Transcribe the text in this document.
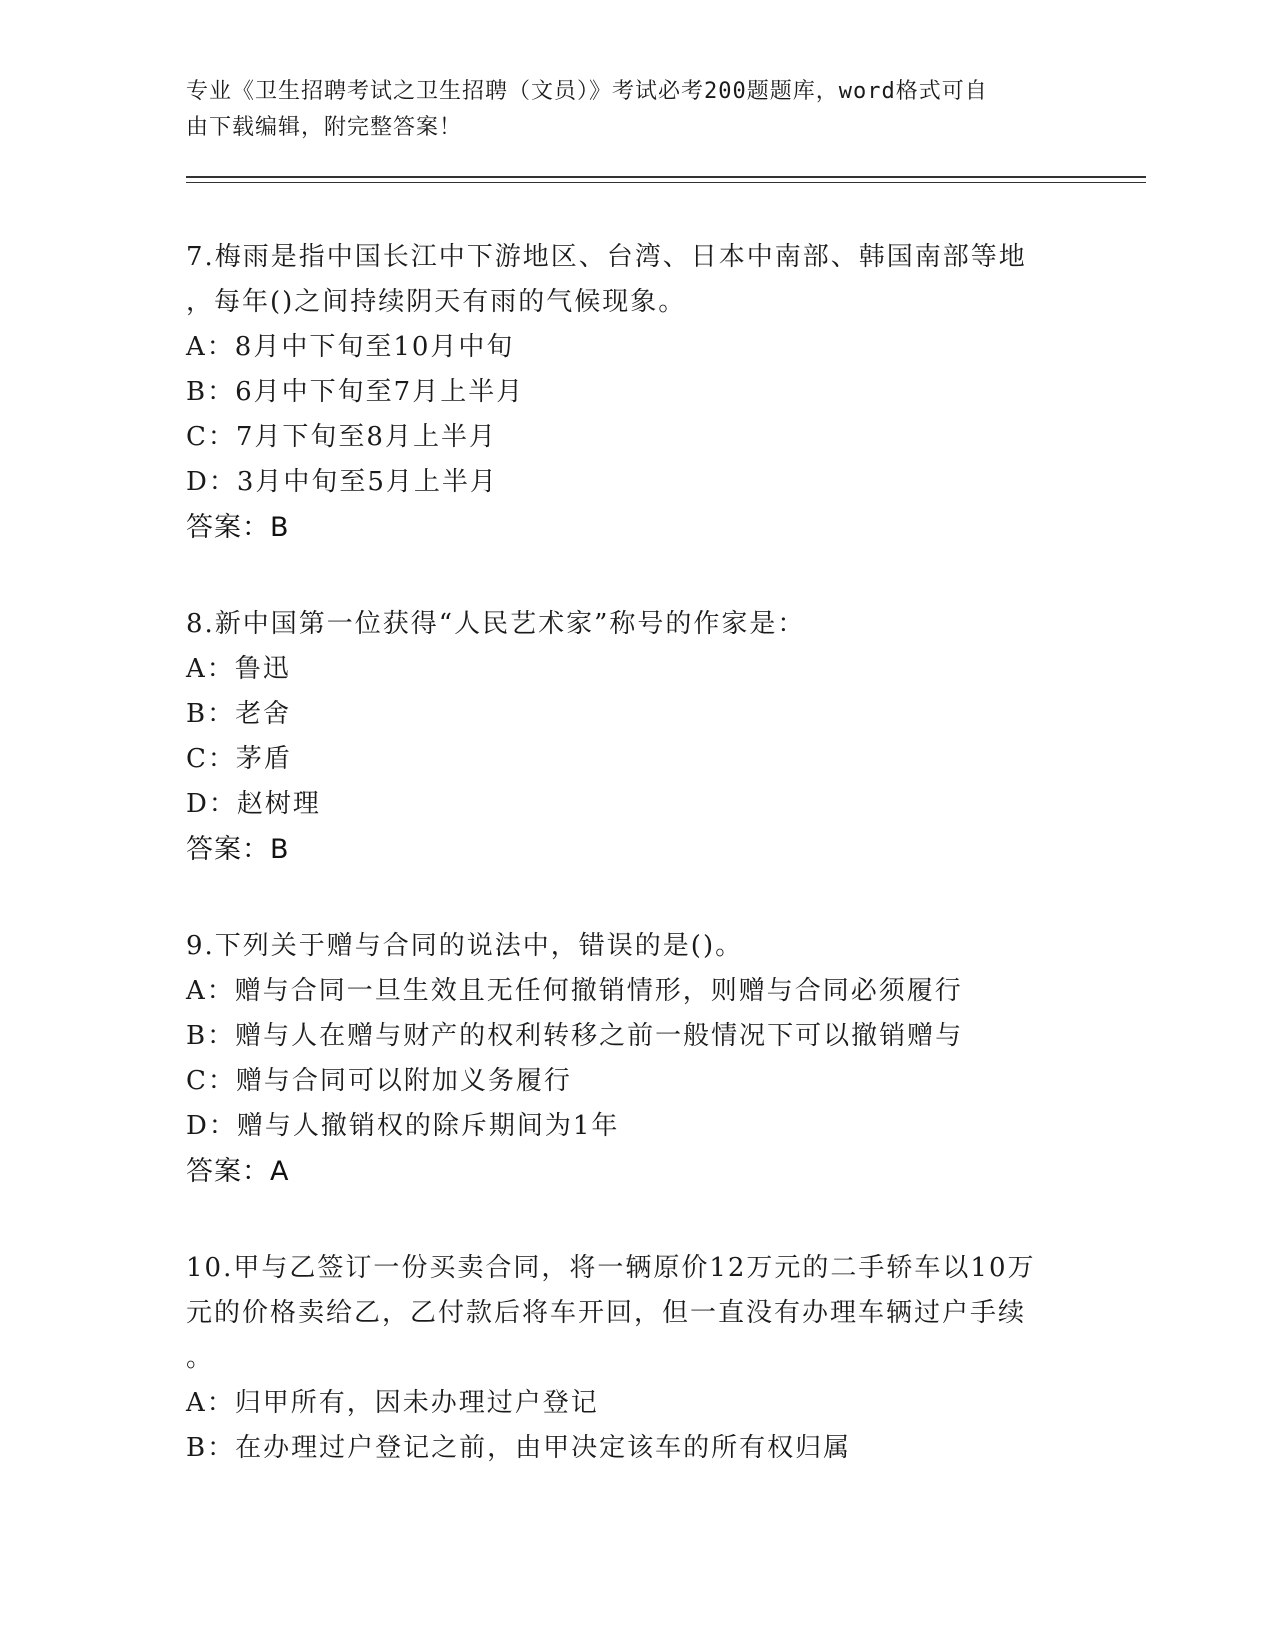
专业《卫生招聘考试之卫生招聘（文员）》考试必考200题题库，word格式可自
由下载编辑，附完整答案！
7.梅雨是指中国长江中下游地区、台湾、日本中南部、韩国南部等地
，每年()之间持续阴天有雨的气候现象。
A：8月中下旬至10月中旬
B：6月中下旬至7月上半月
C：7月下旬至8月上半月
D：3月中旬至5月上半月
答案：B
8.新中国第一位获得“人民艺术家”称号的作家是：
A：鲁迅
B：老舍
C：茅盾
D：赵树理
答案：B
9.下列关于赠与合同的说法中，错误的是()。
A：赠与合同一旦生效且无任何撤销情形，则赠与合同必须履行
B：赠与人在赠与财产的权利转移之前一般情况下可以撤销赠与
C：赠与合同可以附加义务履行
D：赠与人撤销权的除斥期间为1年
答案：A
10.甲与乙签订一份买卖合同，将一辆原价12万元的二手轿车以10万
元的价格卖给乙，乙付款后将车开回，但一直没有办理车辆过户手续
。
A：归甲所有，因未办理过户登记
B：在办理过户登记之前，由甲决定该车的所有权归属
